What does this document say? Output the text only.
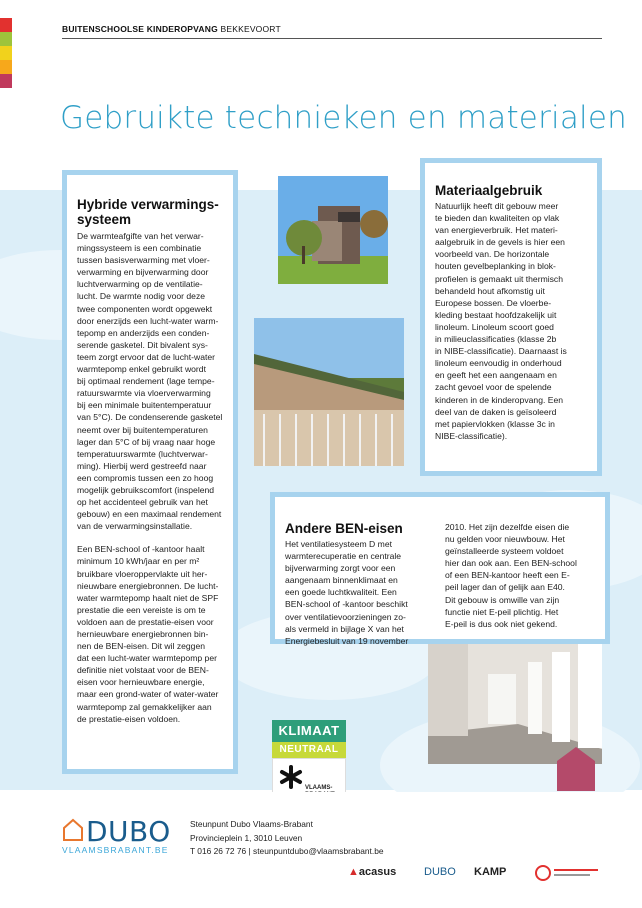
BUITENSCHOOLSE KINDEROPVANG BEKKEVOORT
Gebruikte technieken en materialen
Hybride verwarmings-
systeem

De warmteafgifte van het verwar-
mingssysteem is een combinatie
tussen basisverwarming met vloer-
verwarming en bijverwarming door
luchtverwarming op de ventilatie-
lucht. De warmte nodig voor deze
twee componenten wordt opgewekt
door enerzijds een lucht-water warm-
tepomp en anderzijds een conden-
serende gasketel. Dit bivalent sys-
teem zorgt ervoor dat de lucht-water
warmtepomp enkel gebruikt wordt
bij optimaal rendement (lage tempe-
ratuurswarmte via vloerverwarming
bij een minimale buitentemperatuur
van 5°C). De condenserende gasketel
neemt over bij buitentemperaturen
lager dan 5°C of bij vraag naar hoge
temperatuurswarmte (luchtverwar-
ming). Hierbij werd gestreefd naar
een compromis tussen een zo hoog
mogelijk gebruikscomfort (inspelend
op het accidenteel gebruik van het
gebouw) en een maximaal rendement
van de verwarmingsinstallatie.

Een BEN-school of -kantoor haalt
minimum 10 kWh/jaar en per m²
bruikbare vloeroppervlakte uit her-
nieuwbare energiebronnen. De lucht-
water warmtepomp haalt niet de SPF
prestatie die een vereiste is om te
voldoen aan de prestatie-eisen voor
hernieuwbare energiebronnen bin-
nen de BEN-eisen. Dit wil zeggen
dat een lucht-water warmtepomp per
definitie niet volstaat voor de BEN-
eisen voor hernieuwbare energie,
maar een grond-water of water-water
warmtepomp zal gemakkelijker aan
de prestatie-eisen voldoen.

Materiaalgebruik

Natuurlijk heeft dit gebouw meer
te bieden dan kwaliteiten op vlak
van energieverbruik. Het materi-
aalgebruik in de gevels is hier een
voorbeeld van. De horizontale
houten gevelbeplanking in blok-
profielen is gemaakt uit thermisch
behandeld hout afkomstig uit
Europese bossen. De vloerbe-
kleding bestaat hoofdzakelijk uit
linoleum. Linoleum scoort goed
in milieuclassificaties (klasse 2b
in NIBE-classificatie). Daarnaast is
linoleum eenvoudig in onderhoud
en geeft het een aangenaam en
zacht gevoel voor de spelende
kinderen in de kinderopvang. Een
deel van de daken is geïsoleerd
met papiervlokken (klasse 3c in
NIBE-classificatie).

Andere BEN-eisen

Het ventilatiesysteem D met
warmterecuperatie en centrale
bijverwarming zorgt voor een
aangenaam binnenklimaat en
een goede luchtkwaliteit. Een
BEN-school of -kantoor beschikt
over ventilatievoorzieningen zo-
als vermeld in bijlage X van het
Energiebesluit van 19 november

2010. Het zijn dezelfde eisen die
nu gelden voor nieuwbouw. Het
geïnstalleerde systeem voldoet
hier dan ook aan. Een BEN-school
of een BEN-kantoor heeft een E-
peil lager dan of gelijk aan E40.
Dit gebouw is omwille van zijn
functie niet E-peil plichtig. Het
E-peil is dus ook niet gekend.

KLIMAAT
NEUTRAAL
VLAAMS-
DUBO
VLAAMSBRABANT.BE
Steunpunt Dubo Vlaams-Brabant
Provincieplein 1, 3010 Leuven
T 016 26 72 76 | steunpuntdubo@vlaamsbrabant.be
▲acasus	DUBO KAMP
